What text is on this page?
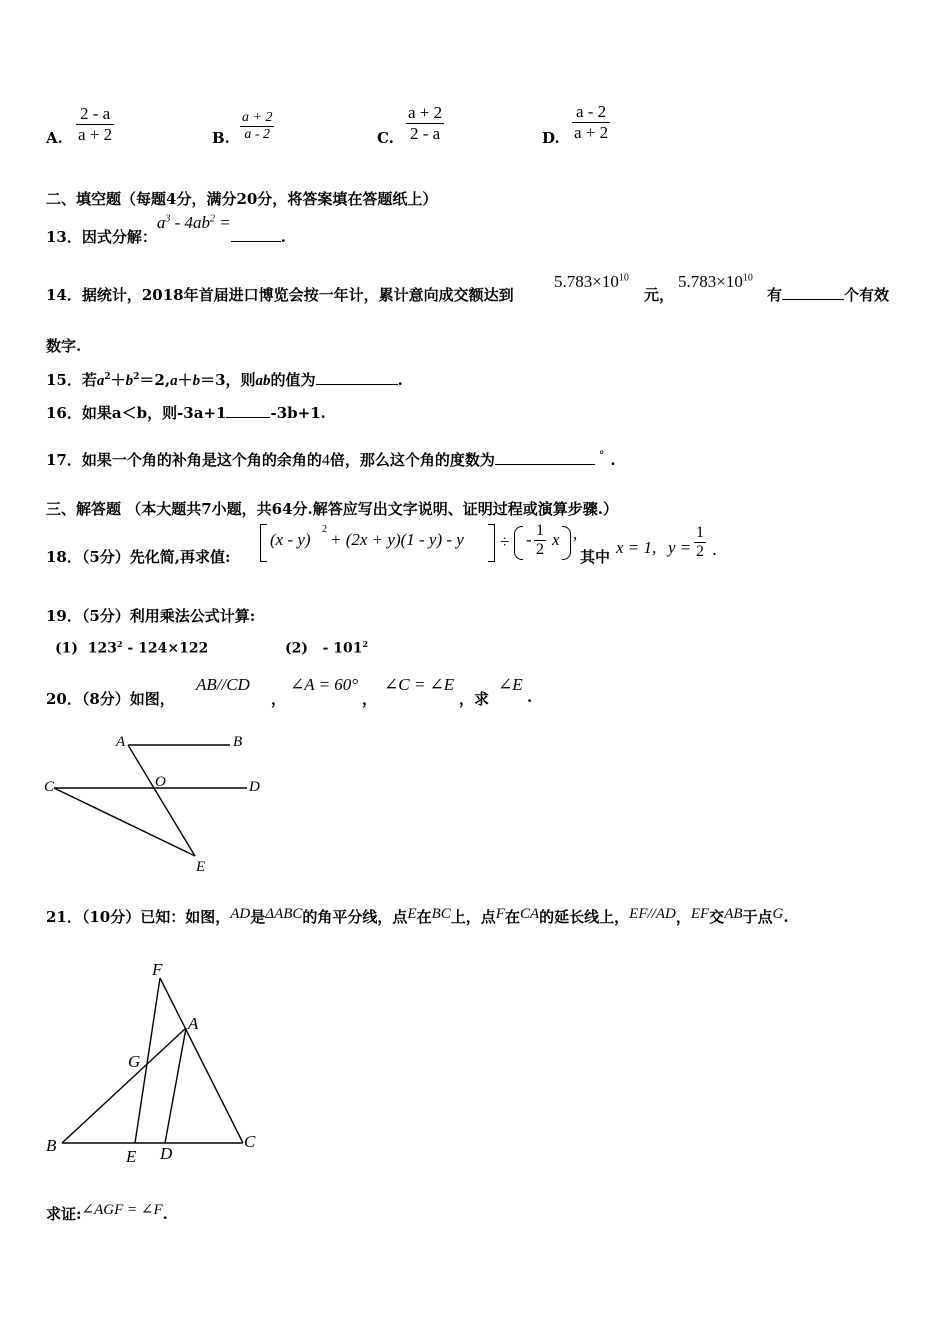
A. $\frac{2 - a}{a + 2}$	B. $\frac{a + 2}{a - 2}$	C. $\frac{a + 2}{2 - a}$	D. $\frac{a - 2}{a + 2}$
二、填空题（每题4分，满分20分，将答案填在答题纸上）
13．因式分解：$a^3 - 4ab^2$ =.
14．据统计，2018年首届进口博览会按一年计，累计意向成交额达到
$5.783\times 10^{10}$
元，
$5.783\times 10^{10}$
有	个有效
数字.
15．若$a^2+b^2=2,a+b=3$，则ab的值为	.
16．如果a＜b，则-3a+1	-3b+1.
17．如果一个角的补角是这个角的余角的4倍，那么这个角的度数为	° .
三、解答题 （本大题共7小题，共64分.解答应写出文字说明、证明过程或演算步骤.）
18．（5分）先化简,再求值:
(x - y)
2
+ (2x + y)(1 - y) - y ÷ - $\frac{1}{2}$ x ,
其中 x = 1, $y = \frac{1}{2}$ .
19．（5分）利用乘法公式计算:
(1) $123^2 - 124\times 122$	$(2) - 101^2$
20．（8分）如图，
AB//CD
，
∠A = 60°
，
∠C = ∠E
，求
∠E
.
A	B
C	O	D
E
21．（10分）已知：如图，AD是ΔABC的角平分线，点E在BC上，点F在CA的延长线上，EF//AD，EF交AB于点G.
F
A
G
B
E D
C
求证:∠AGF = ∠F.
